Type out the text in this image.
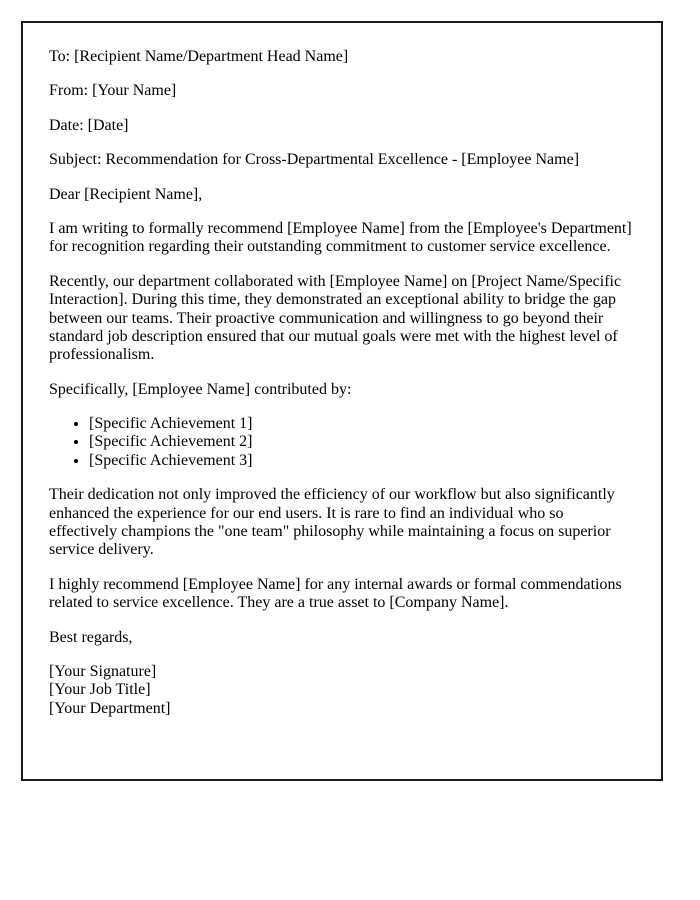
To: [Recipient Name/Department Head Name]

From: [Your Name]

Date: [Date]

Subject: Recommendation for Cross-Departmental Excellence - [Employee Name]

Dear [Recipient Name],

I am writing to formally recommend [Employee Name] from the [Employee's Department] for recognition regarding their outstanding commitment to customer service excellence.

Recently, our department collaborated with [Employee Name] on [Project Name/Specific Interaction]. During this time, they demonstrated an exceptional ability to bridge the gap between our teams. Their proactive communication and willingness to go beyond their standard job description ensured that our mutual goals were met with the highest level of professionalism.

Specifically, [Employee Name] contributed by:

• [Specific Achievement 1]
• [Specific Achievement 2]
• [Specific Achievement 3]

Their dedication not only improved the efficiency of our workflow but also significantly enhanced the experience for our end users. It is rare to find an individual who so effectively champions the "one team" philosophy while maintaining a focus on superior service delivery.

I highly recommend [Employee Name] for any internal awards or formal commendations related to service excellence. They are a true asset to [Company Name].

Best regards,

[Your Signature]
[Your Job Title]
[Your Department]
